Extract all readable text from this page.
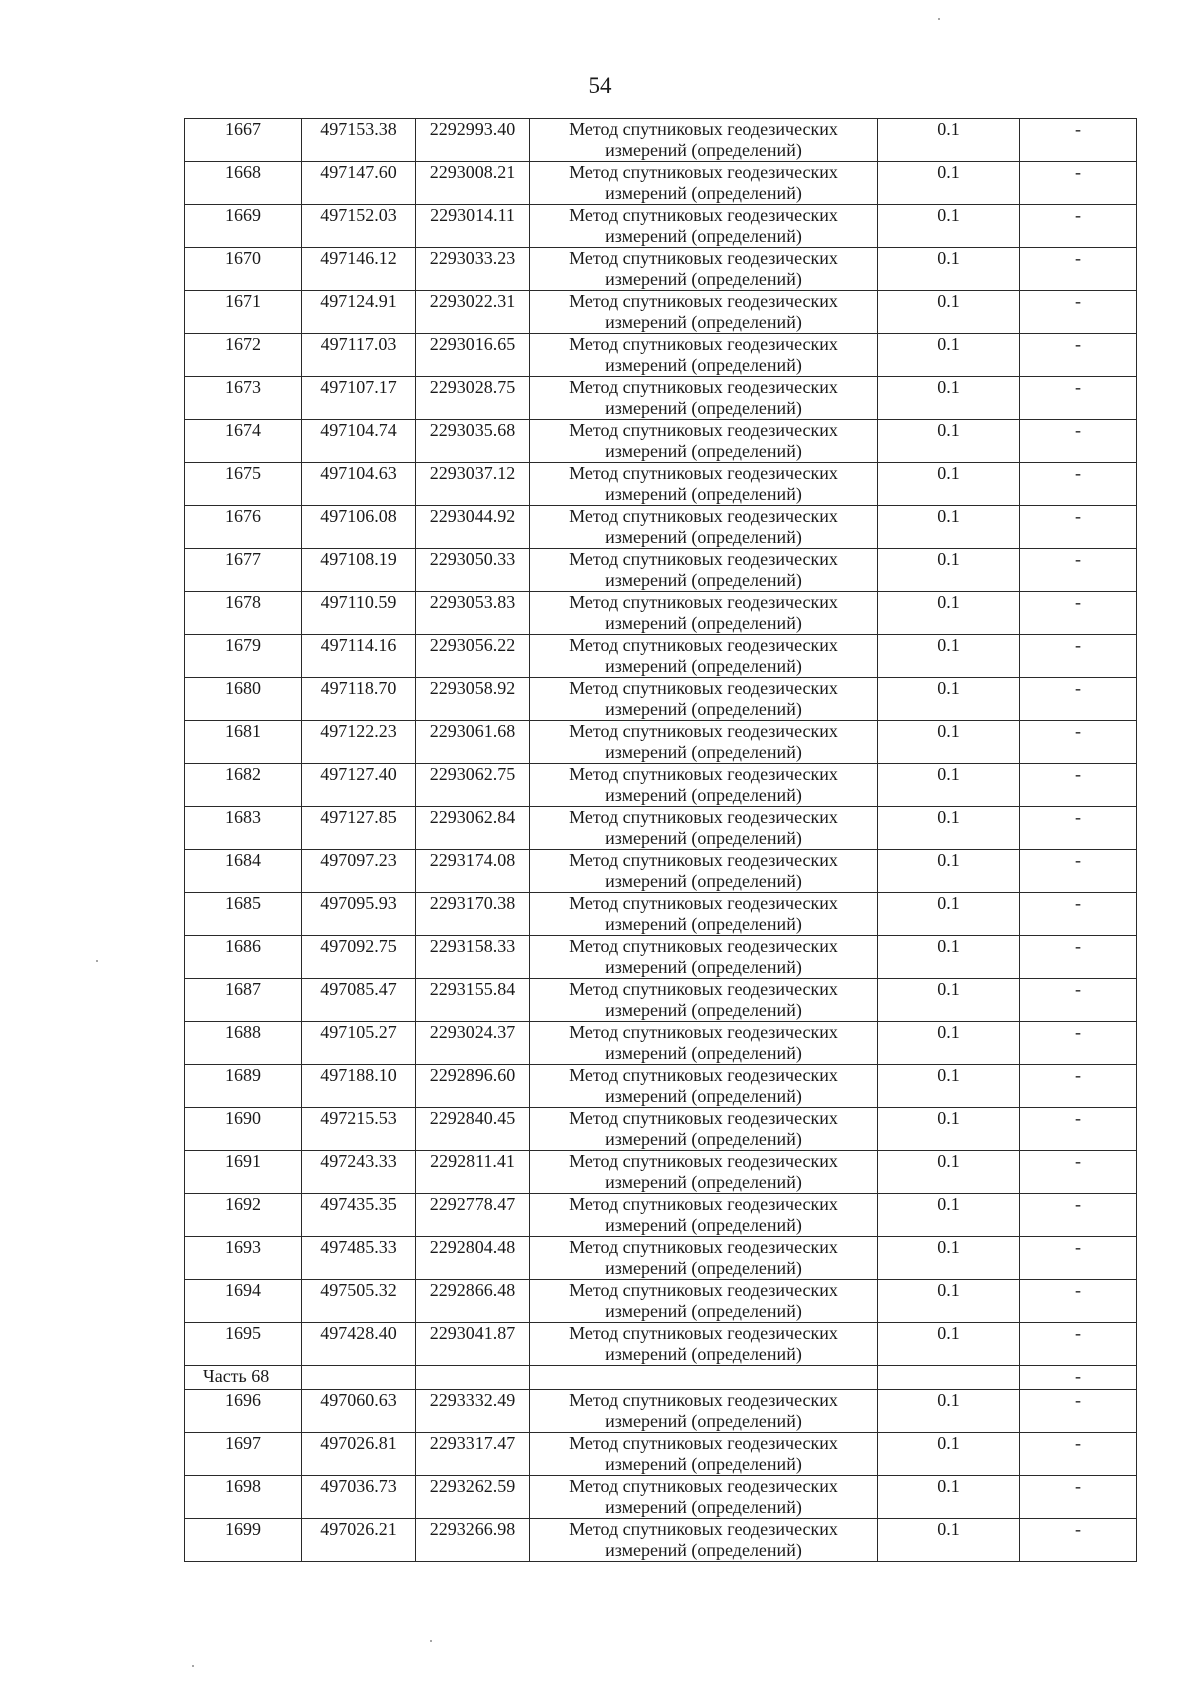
54
1667	497153.38	2292993.40	Метод спутниковых геодезических измерений (определений)	0.1	-
1668	497147.60	2293008.21	Метод спутниковых геодезических измерений (определений)	0.1	-
1669	497152.03	2293014.11	Метод спутниковых геодезических измерений (определений)	0.1	-
1670	497146.12	2293033.23	Метод спутниковых геодезических измерений (определений)	0.1	-
1671	497124.91	2293022.31	Метод спутниковых геодезических измерений (определений)	0.1	-
1672	497117.03	2293016.65	Метод спутниковых геодезических измерений (определений)	0.1	-
1673	497107.17	2293028.75	Метод спутниковых геодезических измерений (определений)	0.1	-
1674	497104.74	2293035.68	Метод спутниковых геодезических измерений (определений)	0.1	-
1675	497104.63	2293037.12	Метод спутниковых геодезических измерений (определений)	0.1	-
1676	497106.08	2293044.92	Метод спутниковых геодезических измерений (определений)	0.1	-
1677	497108.19	2293050.33	Метод спутниковых геодезических измерений (определений)	0.1	-
1678	497110.59	2293053.83	Метод спутниковых геодезических измерений (определений)	0.1	-
1679	497114.16	2293056.22	Метод спутниковых геодезических измерений (определений)	0.1	-
1680	497118.70	2293058.92	Метод спутниковых геодезических измерений (определений)	0.1	-
1681	497122.23	2293061.68	Метод спутниковых геодезических измерений (определений)	0.1	-
1682	497127.40	2293062.75	Метод спутниковых геодезических измерений (определений)	0.1	-
1683	497127.85	2293062.84	Метод спутниковых геодезических измерений (определений)	0.1	-
1684	497097.23	2293174.08	Метод спутниковых геодезических измерений (определений)	0.1	-
1685	497095.93	2293170.38	Метод спутниковых геодезических измерений (определений)	0.1	-
1686	497092.75	2293158.33	Метод спутниковых геодезических измерений (определений)	0.1	-
1687	497085.47	2293155.84	Метод спутниковых геодезических измерений (определений)	0.1	-
1688	497105.27	2293024.37	Метод спутниковых геодезических измерений (определений)	0.1	-
1689	497188.10	2292896.60	Метод спутниковых геодезических измерений (определений)	0.1	-
1690	497215.53	2292840.45	Метод спутниковых геодезических измерений (определений)	0.1	-
1691	497243.33	2292811.41	Метод спутниковых геодезических измерений (определений)	0.1	-
1692	497435.35	2292778.47	Метод спутниковых геодезических измерений (определений)	0.1	-
1693	497485.33	2292804.48	Метод спутниковых геодезических измерений (определений)	0.1	-
1694	497505.32	2292866.48	Метод спутниковых геодезических измерений (определений)	0.1	-
1695	497428.40	2293041.87	Метод спутниковых геодезических измерений (определений)	0.1	-
Часть 68					-
1696	497060.63	2293332.49	Метод спутниковых геодезических измерений (определений)	0.1	-
1697	497026.81	2293317.47	Метод спутниковых геодезических измерений (определений)	0.1	-
1698	497036.73	2293262.59	Метод спутниковых геодезических измерений (определений)	0.1	-
1699	497026.21	2293266.98	Метод спутниковых геодезических измерений (определений)	0.1	-
